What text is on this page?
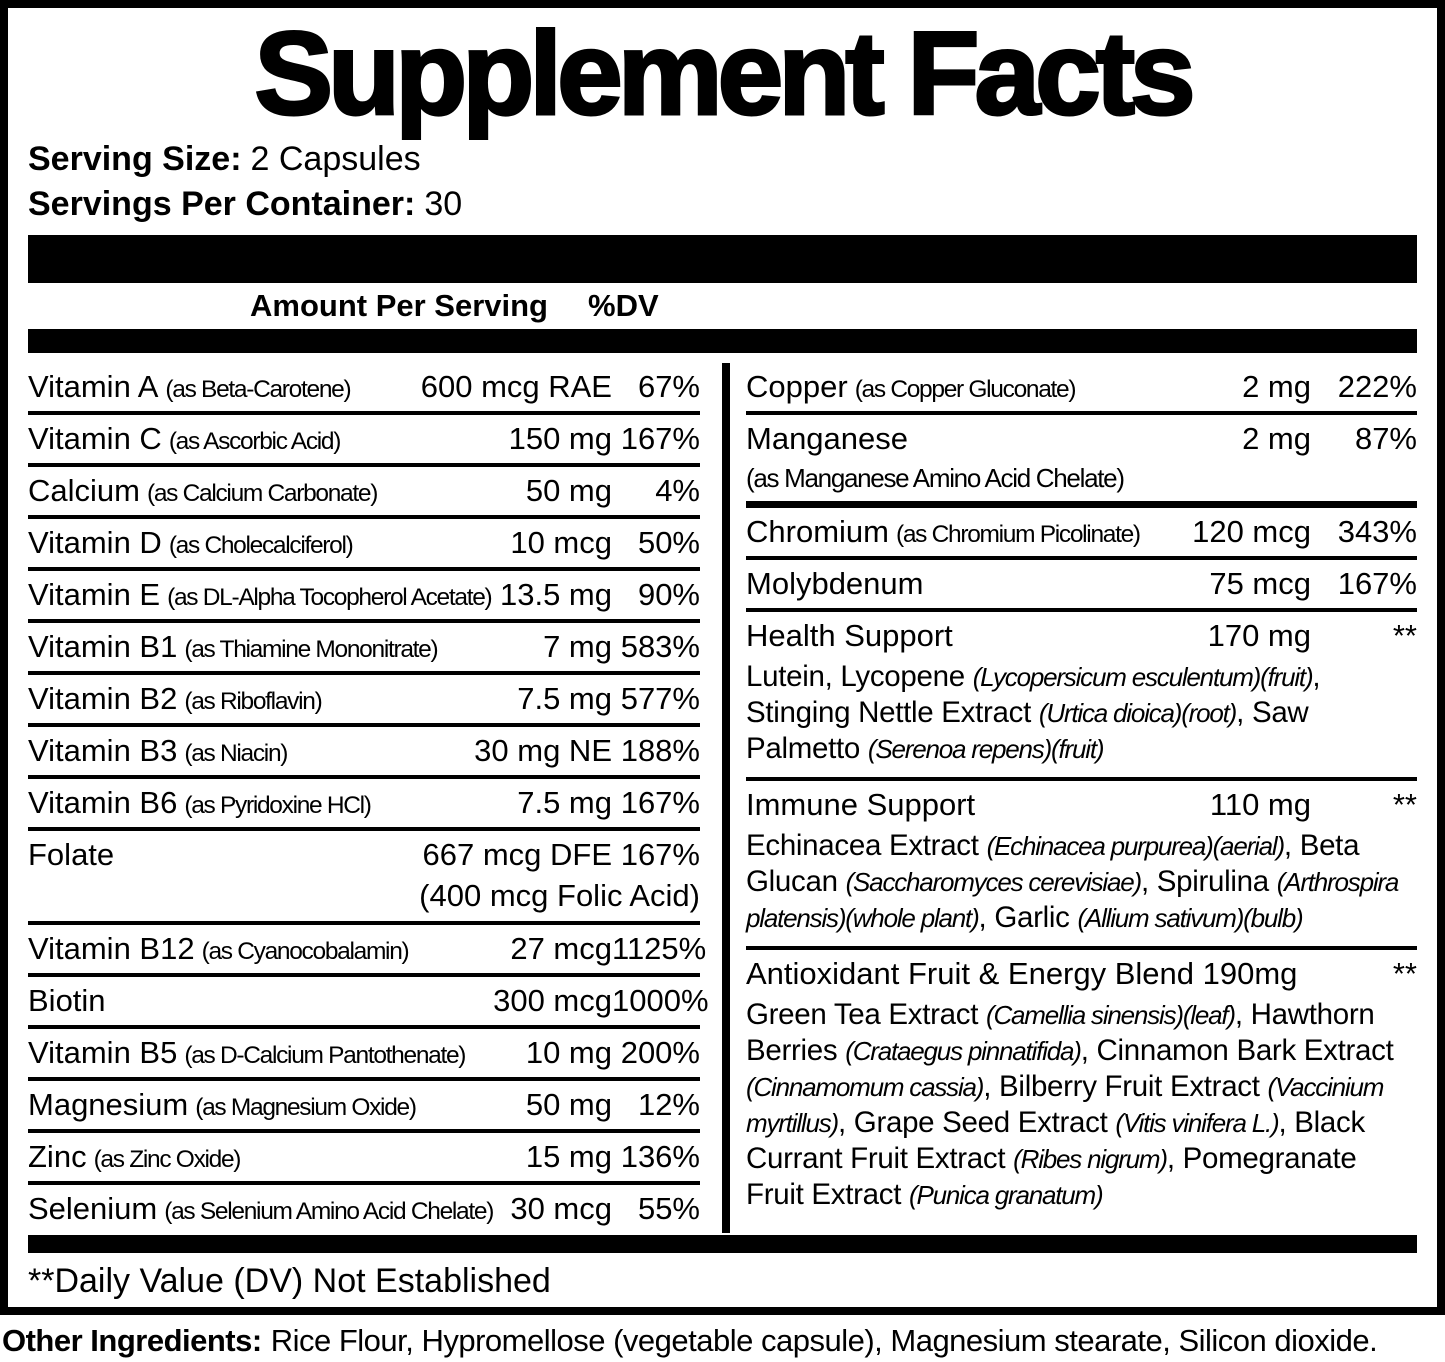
Supplement Facts
Serving Size: 2 Capsules
Servings Per Container: 30
Amount Per Serving %DV
Vitamin A (as Beta-Carotene)	600 mcg RAE 67%
Vitamin C (as Ascorbic Acid)	150 mg 167%
Calcium (as Calcium Carbonate)	50 mg	4%
Vitamin D (as Cholecalciferol)	10 mcg 50%
Vitamin E (as DL-Alpha Tocopherol Acetate) 13.5 mg 90%
Vitamin B1 (as Thiamine Mononitrate)	7 mg 583%
Vitamin B2 (as Riboflavin)	7.5 mg 577%
Vitamin B3 (as Niacin)	30 mg NE 188%
Vitamin B6 (as Pyridoxine HCl)	7.5 mg 167%
Folate	667 mcg DFE 167%
(400 mcg Folic Acid)
Vitamin B12 (as Cyanocobalamin)	27 mcg 1125%
Biotin	300 mcg 1000%
Vitamin B5 (as D-Calcium Pantothenate)	10 mg 200%
Magnesium (as Magnesium Oxide)	50 mg 12%
Zinc (as Zinc Oxide)	15 mg 136%
Selenium (as Selenium Amino Acid Chelate) 30 mcg 55%
Copper (as Copper Gluconate)	2 mg 222%
Manganese	2 mg	87%
(as Manganese Amino Acid Chelate)
Chromium (as Chromium Picolinate)	120 mcg 343%
Molybdenum	75 mcg 167%
Health Support	170 mg	**
Lutein, Lycopene (Lycopersicum esculentum)(fruit), Stinging Nettle Extract (Urtica dioica)(root), Saw Palmetto (Serenoa repens)(fruit)
Immune Support	110 mg	**
Echinacea Extract (Echinacea purpurea)(aerial), Beta Glucan (Saccharomyces cerevisiae), Spirulina (Arthrospira platensis)(whole plant), Garlic (Allium sativum)(bulb)
Antioxidant Fruit & Energy Blend 190mg	**
Green Tea Extract (Camellia sinensis)(leaf), Hawthorn Berries (Crataegus pinnatifida), Cinnamon Bark Extract (Cinnamomum cassia), Bilberry Fruit Extract (Vaccinium myrtillus), Grape Seed Extract (Vitis vinifera L.), Black Currant Fruit Extract (Ribes nigrum), Pomegranate Fruit Extract (Punica granatum)
**Daily Value (DV) Not Established
Other Ingredients: Rice Flour, Hypromellose (vegetable capsule), Magnesium stearate, Silicon dioxide.
